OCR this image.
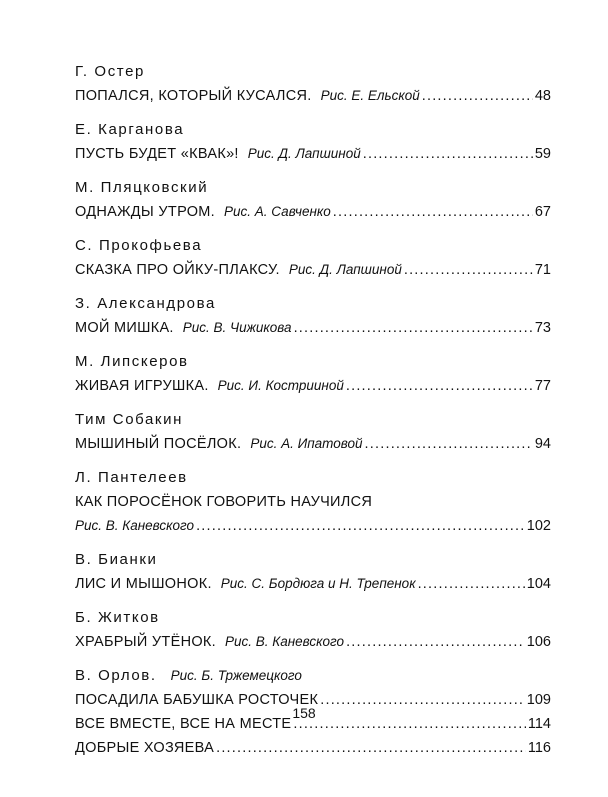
Г. Остер
ПОПАЛСЯ, КОТОРЫЙ КУСАЛСЯ. Рис. Е. Ельской .....	48
Е. Карганова
ПУСТЬ БУДЕТ «КВАК»! Рис. Д. Лапшиной .....	59
М. Пляцковский
ОДНАЖДЫ УТРОМ. Рис. А. Савченко .....	67
С. Прокофьева
СКАЗКА ПРО ОЙКУ-ПЛАКСУ. Рис. Д. Лапшиной .....	71
З. Александрова
МОЙ МИШКА. Рис. В. Чижикова .....	73
М. Липскеров
ЖИВАЯ ИГРУШКА. Рис. И. Кострииной .....	77
Тим Собакин
МЫШИНЫЙ ПОСЁЛОК. Рис. А. Ипатовой .....	94
Л. Пантелеев
КАК ПОРОСЁНОК ГОВОРИТЬ НАУЧИЛСЯ
Рис. В. Каневского .....	102
В. Бианки
ЛИС И МЫШОНОК. Рис. С. Бордюга и Н. Трепенок .....	104
Б. Житков
ХРАБРЫЙ УТЁНОК. Рис. В. Каневского .....	106
В. Орлов. Рис. Б. Тржемецкого
ПОСАДИЛА БАБУШКА РОСТОЧЕК .....	109
ВСЕ ВМЕСТЕ, ВСЕ НА МЕСТЕ .....	114
ДОБРЫЕ ХОЗЯЕВА .....	116
158
